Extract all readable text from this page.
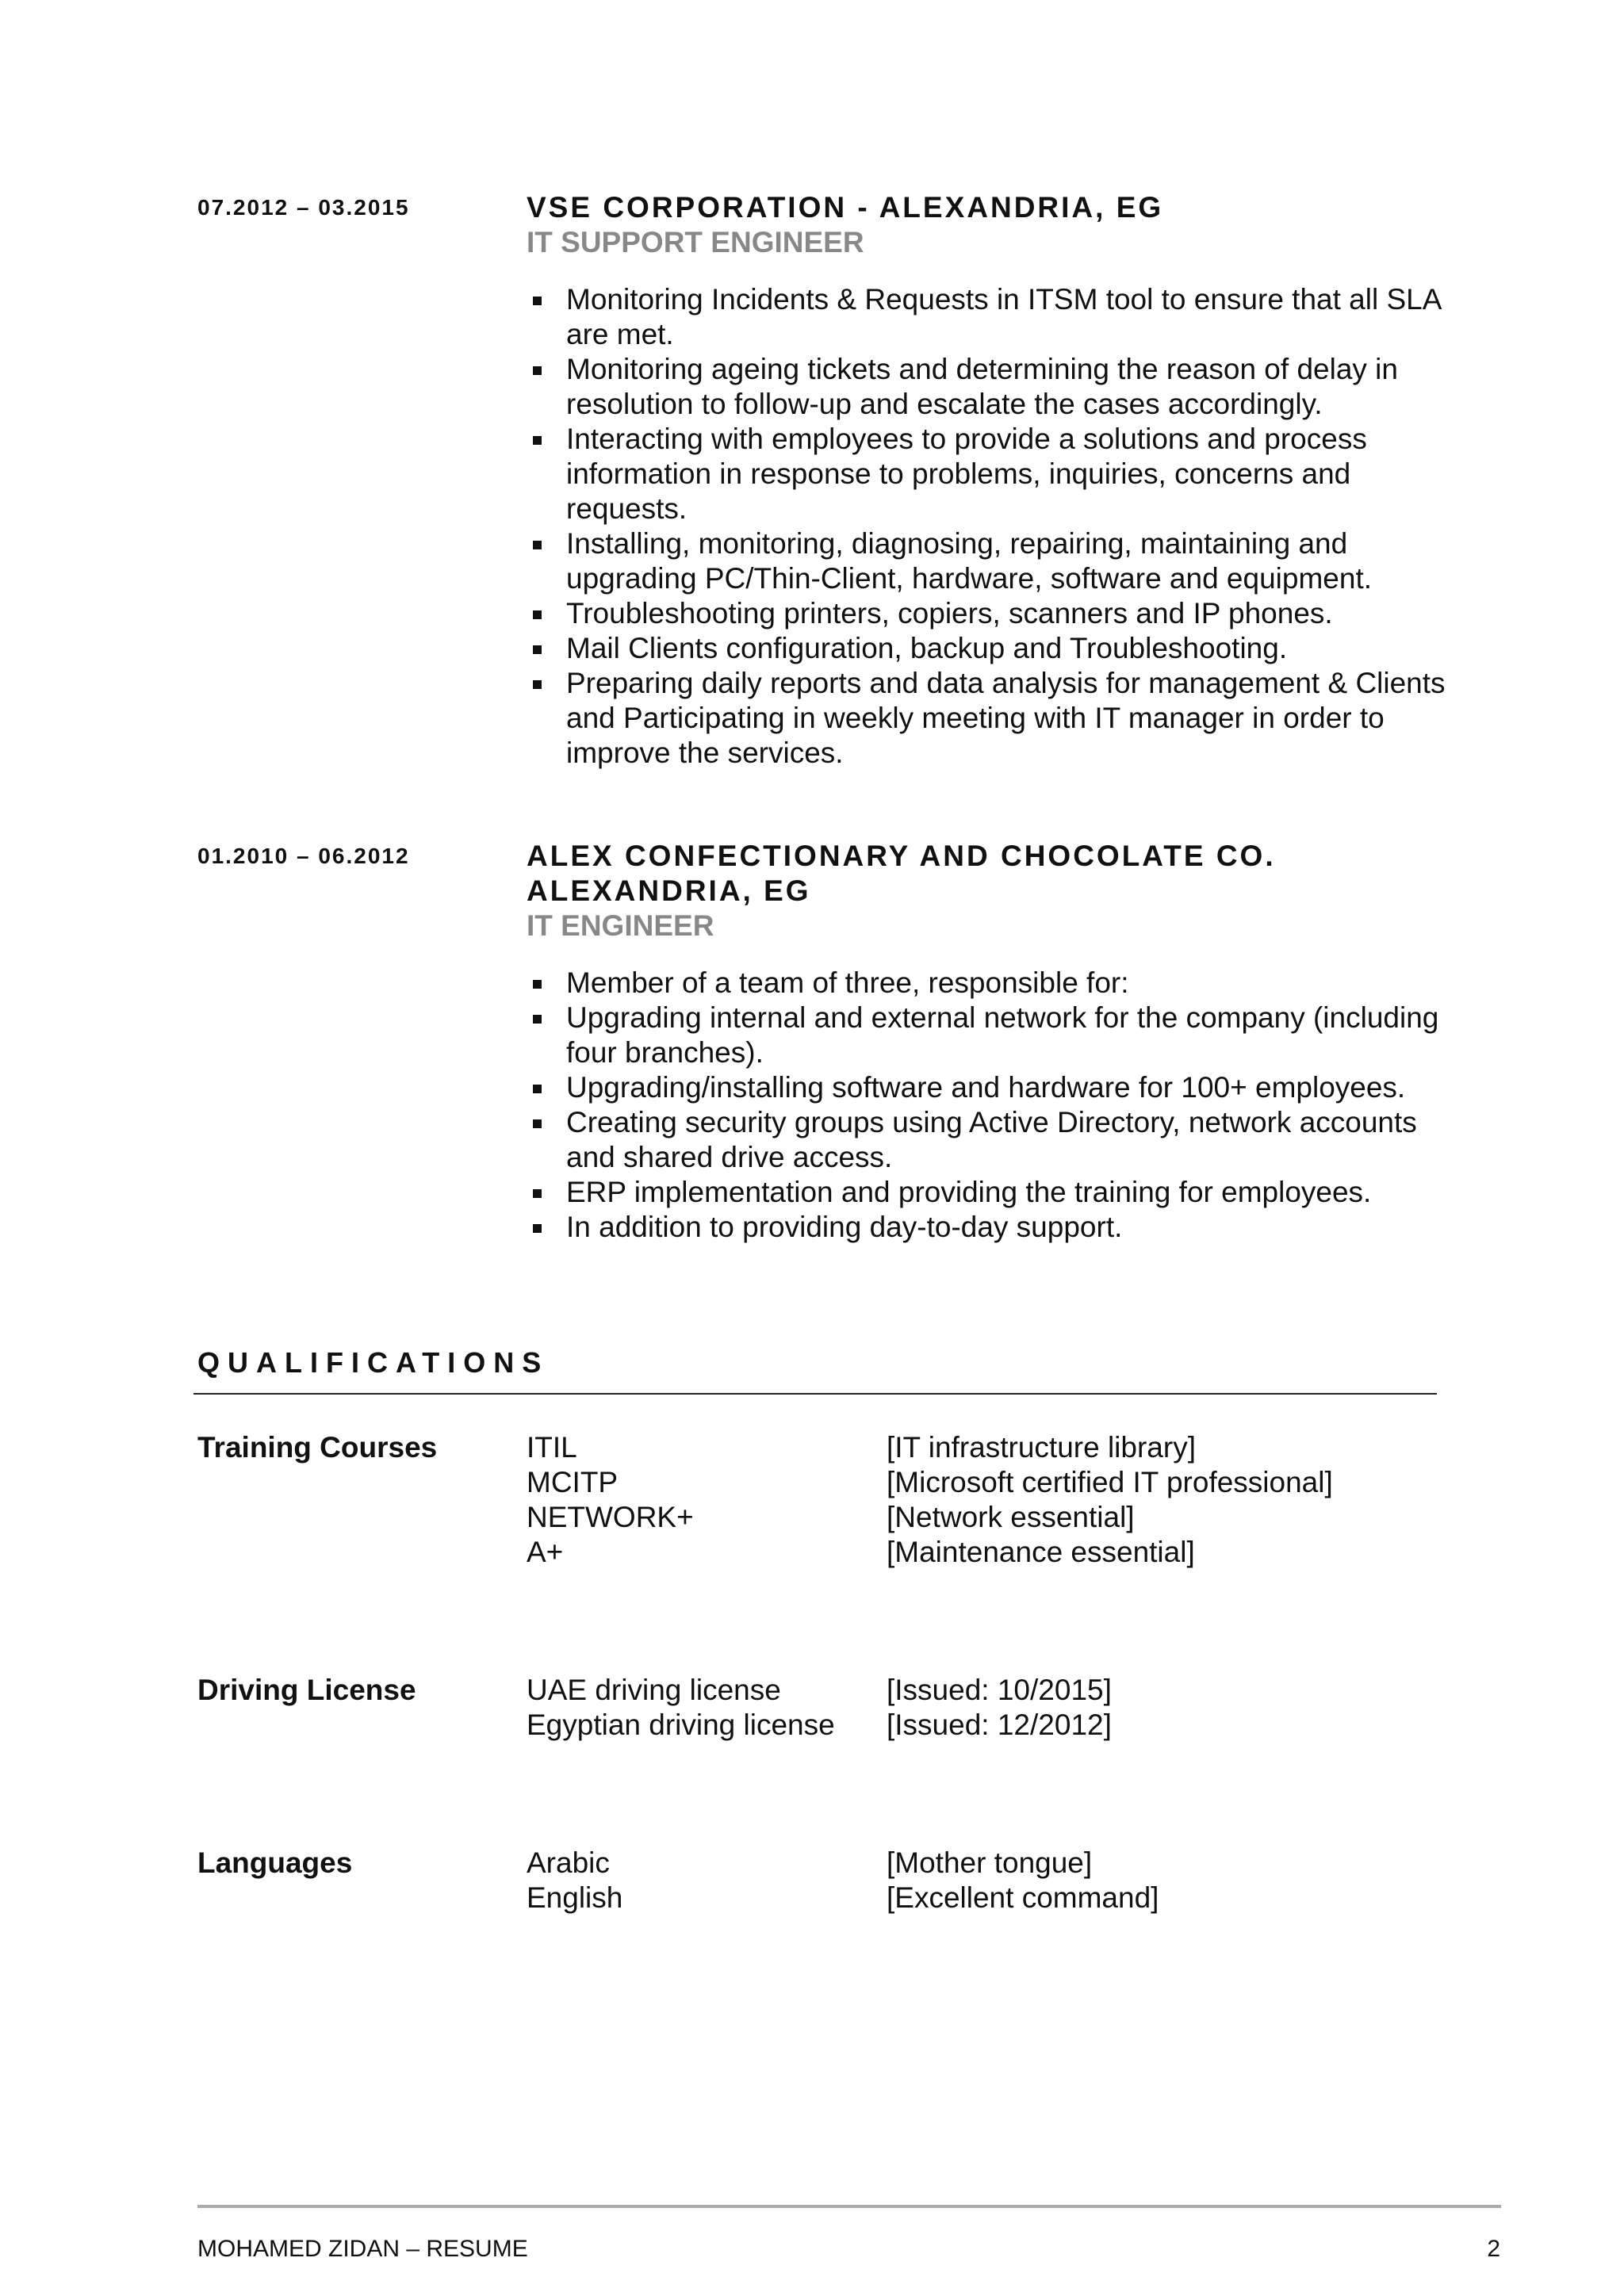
07.2012 – 03.2015	VSE CORPORATION - ALEXANDRIA, EG
IT SUPPORT ENGINEER
Monitoring Incidents & Requests in ITSM tool to ensure that all SLA are met.
Monitoring ageing tickets and determining the reason of delay in resolution to follow-up and escalate the cases accordingly.
Interacting with employees to provide a solutions and process information in response to problems, inquiries, concerns and requests.
Installing, monitoring, diagnosing, repairing, maintaining and upgrading PC/Thin-Client, hardware, software and equipment.
Troubleshooting printers, copiers, scanners and IP phones.
Mail Clients configuration, backup and Troubleshooting.
Preparing daily reports and data analysis for management & Clients and Participating in weekly meeting with IT manager in order to improve the services.
01.2010 – 06.2012	ALEX CONFECTIONARY AND CHOCOLATE CO.
ALEXANDRIA, EG
IT ENGINEER
Member of a team of three, responsible for:
Upgrading internal and external network for the company (including four branches).
Upgrading/installing software and hardware for 100+ employees.
Creating security groups using Active Directory, network accounts and shared drive access.
ERP implementation and providing the training for employees.
In addition to providing day-to-day support.
QUALIFICATIONS
Training Courses	ITIL	[IT infrastructure library]
MCITP	[Microsoft certified IT professional]
NETWORK+	[Network essential]
A+	[Maintenance essential]
Driving License	UAE driving license	[Issued: 10/2015]
Egyptian driving license [Issued: 12/2012]
Languages	Arabic	[Mother tongue]
English	[Excellent command]
MOHAMED ZIDAN – RESUME	2
